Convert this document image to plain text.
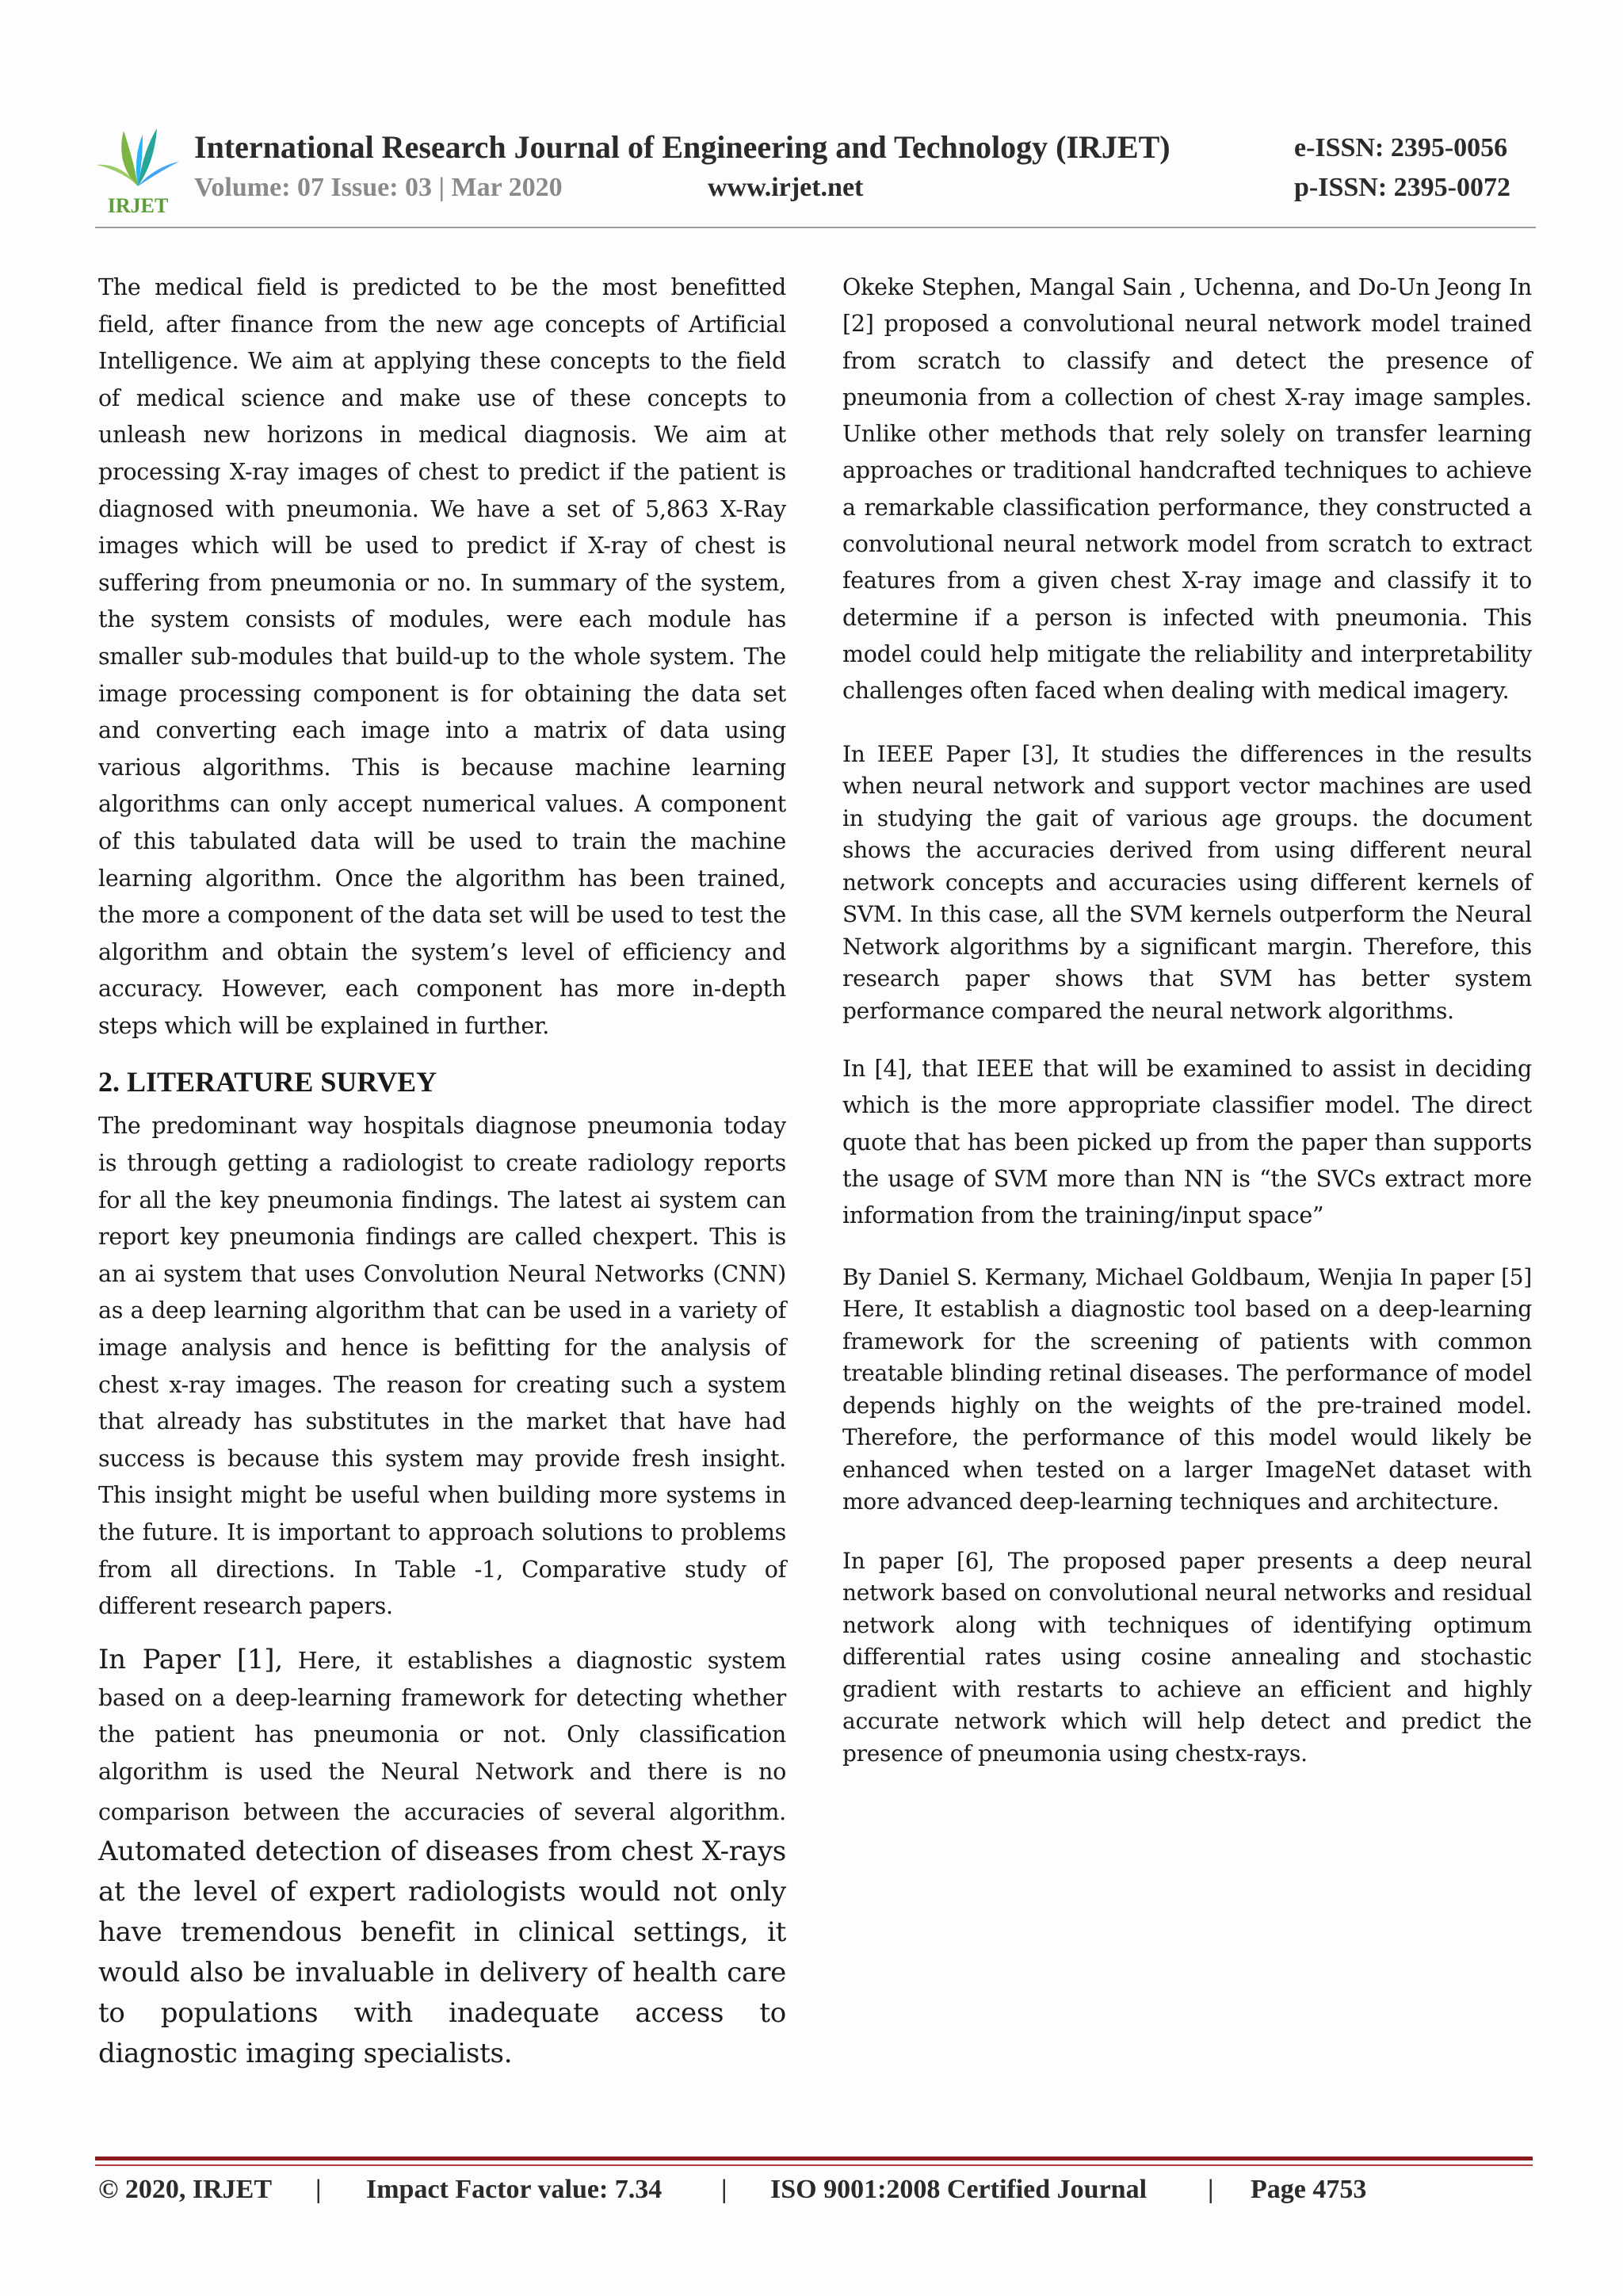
IRJET
International Research Journal of Engineering and Technology (IRJET)	e-ISSN: 2395-0056
Volume: 07 Issue: 03 | Mar 2020	www.irjet.net	p-ISSN: 2395-0072

The medical field is predicted to be the most benefitted field, after finance from the new age concepts of Artificial Intelligence. We aim at applying these concepts to the field of medical science and make use of these concepts to unleash new horizons in medical diagnosis. We aim at processing X-ray images of chest to predict if the patient is diagnosed with pneumonia. We have a set of 5,863 X-Ray images which will be used to predict if X-ray of chest is suffering from pneumonia or no. In summary of the system, the system consists of modules, were each module has smaller sub-modules that build-up to the whole system. The image processing component is for obtaining the data set and converting each image into a matrix of data using various algorithms. This is because machine learning algorithms can only accept numerical values. A component of this tabulated data will be used to train the machine learning algorithm. Once the algorithm has been trained, the more a component of the data set will be used to test the algorithm and obtain the system’s level of efficiency and accuracy. However, each component has more in-depth steps which will be explained in further.

2. LITERATURE SURVEY

The predominant way hospitals diagnose pneumonia today is through getting a radiologist to create radiology reports for all the key pneumonia findings. The latest ai system can report key pneumonia findings are called chexpert. This is an ai system that uses Convolution Neural Networks (CNN) as a deep learning algorithm that can be used in a variety of image analysis and hence is befitting for the analysis of chest x-ray images. The reason for creating such a system that already has substitutes in the market that have had success is because this system may provide fresh insight. This insight might be useful when building more systems in the future. It is important to approach solutions to problems from all directions. In Table -1, Comparative study of different research papers.

In Paper [1], Here, it establishes a diagnostic system based on a deep-learning framework for detecting whether the patient has pneumonia or not. Only classification algorithm is used the Neural Network and there is no comparison between the accuracies of several algorithm. Automated detection of diseases from chest X-rays at the level of expert radiologists would not only have tremendous benefit in clinical settings, it would also be invaluable in delivery of health care to populations with inadequate access to diagnostic imaging specialists.

Okeke Stephen, Mangal Sain , Uchenna, and Do-Un Jeong In [2] proposed a convolutional neural network model trained from scratch to classify and detect the presence of pneumonia from a collection of chest X-ray image samples. Unlike other methods that rely solely on transfer learning approaches or traditional handcrafted techniques to achieve a remarkable classification performance, they constructed a convolutional neural network model from scratch to extract features from a given chest X-ray image and classify it to determine if a person is infected with pneumonia. This model could help mitigate the reliability and interpretability challenges often faced when dealing with medical imagery.

In IEEE Paper [3], It studies the differences in the results when neural network and support vector machines are used in studying the gait of various age groups. the document shows the accuracies derived from using different neural network concepts and accuracies using different kernels of SVM. In this case, all the SVM kernels outperform the Neural Network algorithms by a significant margin. Therefore, this research paper shows that SVM has better system performance compared the neural network algorithms.

In [4], that IEEE that will be examined to assist in deciding which is the more appropriate classifier model. The direct quote that has been picked up from the paper than supports the usage of SVM more than NN is “the SVCs extract more information from the training/input space”

By Daniel S. Kermany, Michael Goldbaum, Wenjia In paper [5] Here, It establish a diagnostic tool based on a deep-learning framework for the screening of patients with common treatable blinding retinal diseases. The performance of model depends highly on the weights of the pre-trained model. Therefore, the performance of this model would likely be enhanced when tested on a larger ImageNet dataset with more advanced deep-learning techniques and architecture.

In paper [6], The proposed paper presents a deep neural network based on convolutional neural networks and residual network along with techniques of identifying optimum differential rates using cosine annealing and stochastic gradient with restarts to achieve an efficient and highly accurate network which will help detect and predict the presence of pneumonia using chestx-rays.

© 2020, IRJET | Impact Factor value: 7.34 | ISO 9001:2008 Certified Journal | Page 4753
